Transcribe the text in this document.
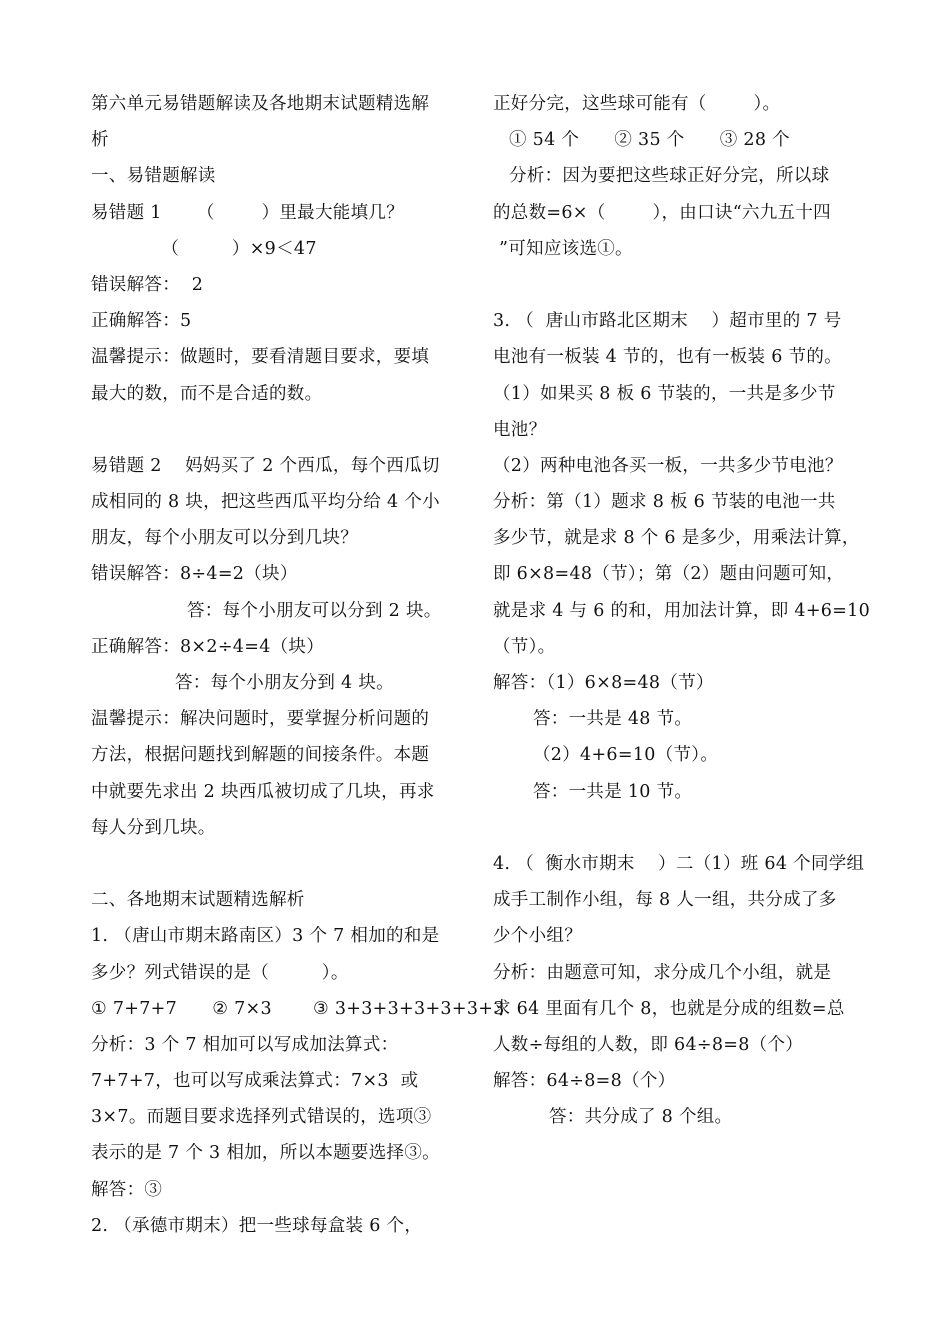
第六单元易错题解读及各地期末试题精选解
析
一、易错题解读
易错题 1      （        ）里最大能填几？
（         ）×9＜47
错误解答：  2
正确解答：5
温馨提示：做题时，要看清题目要求，要填
最大的数，而不是合适的数。
易错题 2    妈妈买了 2 个西瓜，每个西瓜切
成相同的 8 块，把这些西瓜平均分给 4 个小
朋友，每个小朋友可以分到几块？
错误解答：8÷4=2（块）
答：每个小朋友可以分到 2 块。
正确解答：8×2÷4=4（块）
答：每个小朋友分到 4 块。
温馨提示：解决问题时，要掌握分析问题的
方法，根据问题找到解题的间接条件。本题
中就要先求出 2 块西瓜被切成了几块，再求
每人分到几块。
二、各地期末试题精选解析
1. （唐山市期末路南区）3 个 7 相加的和是
多少？列式错误的是（         ）。
① 7+7+7      ② 7×3       ③ 3+3+3+3+3+3+3
分析：3 个 7 相加可以写成加法算式：
7+7+7，也可以写成乘法算式：7×3  或
3×7。而题目要求选择列式错误的，选项③
表示的是 7 个 3 相加，所以本题要选择③。
解答：③
2. （承德市期末）把一些球每盒装 6 个，
正好分完，这些球可能有（        ）。
① 54 个      ② 35 个      ③ 28 个
分析：因为要把这些球正好分完，所以球
的总数=6×（        ），由口诀“六九五十四
”可知应该选①。
3. （  唐山市路北区期末    ）超市里的 7 号
电池有一板装 4 节的，也有一板装 6 节的。
（1）如果买 8 板 6 节装的，一共是多少节
电池？
（2）两种电池各买一板，一共多少节电池？
分析：第（1）题求 8 板 6 节装的电池一共
多少节，就是求 8 个 6 是多少，用乘法计算，
即 6×8=48（节）；第（2）题由问题可知，
就是求 4 与 6 的和，用加法计算，即 4+6=10
（节）。
解答：（1）6×8=48（节）
答：一共是 48 节。
（2）4+6=10（节）。
答：一共是 10 节。
4. （  衡水市期末    ）二（1）班 64 个同学组
成手工制作小组，每 8 人一组，共分成了多
少个小组？
分析：由题意可知，求分成几个小组，就是
求 64 里面有几个 8，也就是分成的组数=总
人数÷每组的人数，即 64÷8=8（个）
解答：64÷8=8（个）
答：共分成了 8 个组。
